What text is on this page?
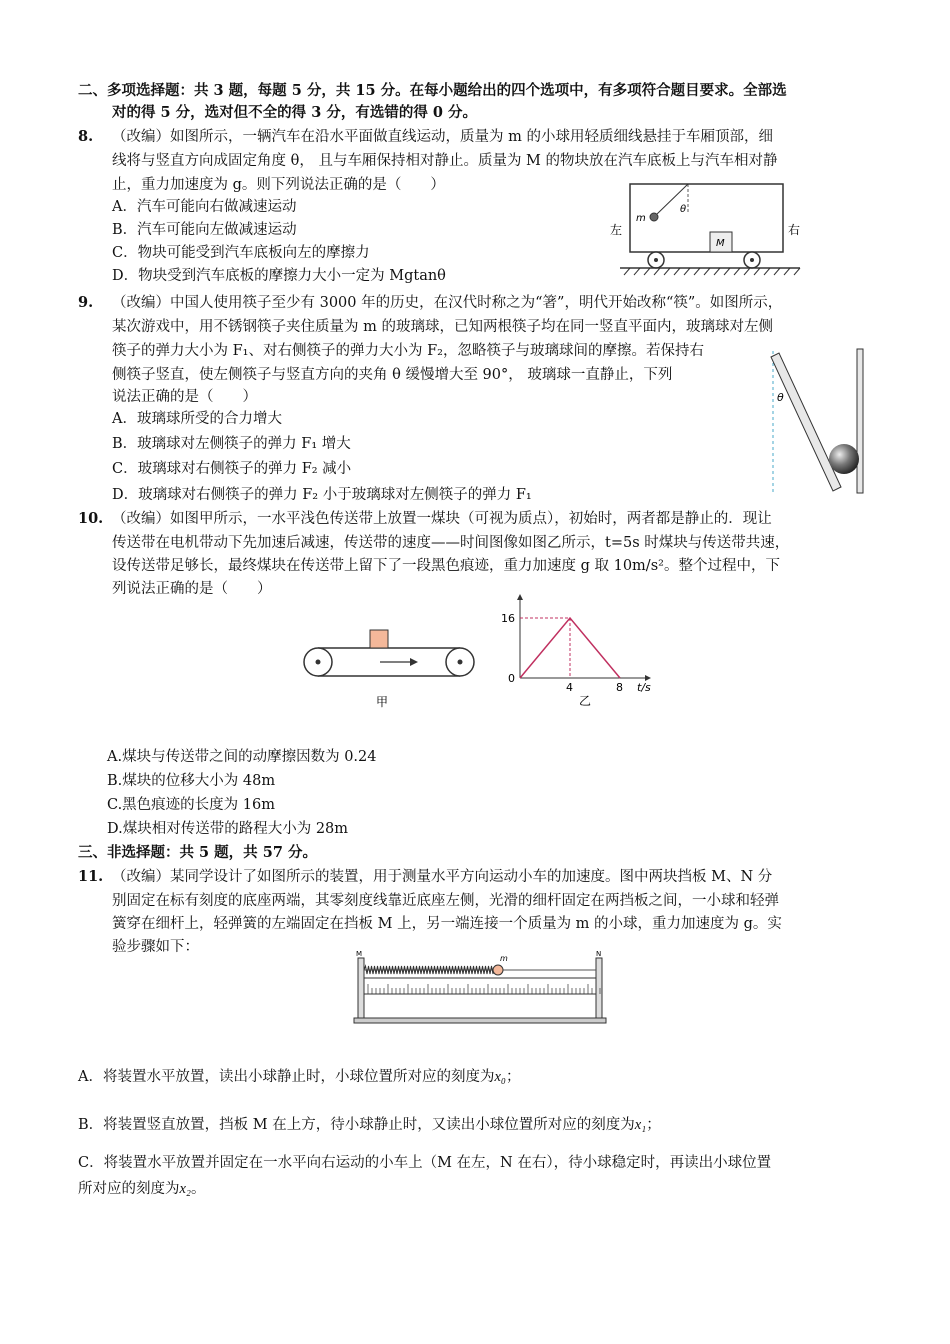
二、多项选择题：共 3 题，每题 5 分，共 15 分。在每小题给出的四个选项中，有多项符合题目要求。全部选
对的得 5 分，选对但不全的得 3 分，有选错的得 0 分。
8. （改编）如图所示，一辆汽车在沿水平面做直线运动，质量为 m 的小球用轻质细线悬挂于车厢顶部，细
线将与竖直方向成固定角度 θ， 且与车厢保持相对静止。质量为 M 的物块放在汽车底板上与汽车相对静
止，重力加速度为 g。则下列说法正确的是（　　）
A．汽车可能向右做减速运动
B．汽车可能向左做减速运动
C．物块可能受到汽车底板向左的摩擦力
D．物块受到汽车底板的摩擦力大小一定为 Mgtanθ
m
θ
M
左	右
9. （改编）中国人使用筷子至少有 3000 年的历史，在汉代时称之为“箸”，明代开始改称“筷”。如图所示，
某次游戏中，用不锈钢筷子夹住质量为 m 的玻璃球，已知两根筷子均在同一竖直平面内，玻璃球对左侧
筷子的弹力大小为 F₁、对右侧筷子的弹力大小为 F₂，忽略筷子与玻璃球间的摩擦。若保持右
侧筷子竖直，使左侧筷子与竖直方向的夹角 θ 缓慢增大至 90°， 玻璃球一直静止，下列
说法正确的是（　　）
A．玻璃球所受的合力增大
B．玻璃球对左侧筷子的弹力 F₁ 增大
C．玻璃球对右侧筷子的弹力 F₂ 减小
D．玻璃球对右侧筷子的弹力 F₂ 小于玻璃球对左侧筷子的弹力 F₁
θ
10. （改编）如图甲所示，一水平浅色传送带上放置一煤块（可视为质点），初始时，两者都是静止的．现让
传送带在电机带动下先加速后减速，传送带的速度——时间图像如图乙所示，t=5s 时煤块与传送带共速，
设传送带足够长，最终煤块在传送带上留下了一段黑色痕迹，重力加速度 g 取 10m/s²。整个过程中，下
列说法正确的是（　　）
甲
16
0
4	8 t/s
乙
A.煤块与传送带之间的动摩擦因数为 0.24
B.煤块的位移大小为 48m
C.黑色痕迹的长度为 16m
D.煤块相对传送带的路程大小为 28m
三、非选择题：共 5 题，共 57 分。
11. （改编）某同学设计了如图所示的装置，用于测量水平方向运动小车的加速度。图中两块挡板 M、N 分
别固定在标有刻度的底座两端，其零刻度线靠近底座左侧，光滑的细杆固定在两挡板之间，一小球和轻弹
簧穿在细杆上，轻弹簧的左端固定在挡板 M 上，另一端连接一个质量为 m 的小球，重力加速度为 g。实
验步骤如下：	M	N
m
A．将装置水平放置，读出小球静止时，小球位置所对应的刻度为x₀；
B．将装置竖直放置，挡板 M 在上方，待小球静止时，又读出小球位置所对应的刻度为x₁；
C．将装置水平放置并固定在一水平向右运动的小车上（M 在左，N 在右），待小球稳定时，再读出小球位置
所对应的刻度为x₂。
